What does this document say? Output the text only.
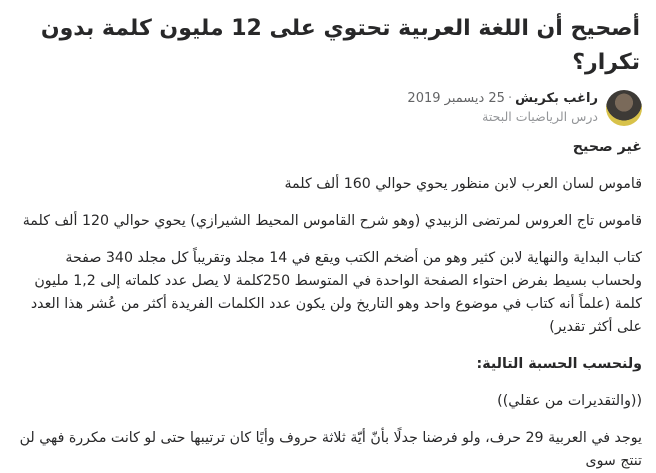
أصحيح أن اللغة العربية تحتوي على 12 مليون كلمة بدون تكرار؟
راغب بكريش·25 ديسمبر 2019
درس الرياضيات البحتة

غير صحيح

قاموس لسان العرب لابن منظور يحوي حوالي 160 ألف كلمة

قاموس تاج العروس لمرتضى الزبيدي (وهو شرح القاموس المحيط الشيرازي) يحوي حوالي 120 ألف كلمة

كتاب البداية والنهاية لابن كثير وهو من أضخم الكتب ويقع في 14 مجلد وتقريباً كل مجلد 340 صفحة ولحساب بسيط بفرض احتواء الصفحة الواحدة في المتوسط 250كلمة لا يصل عدد كلماته إلى 1,2 مليون كلمة (علماً أنه كتاب في موضوع واحد وهو التاريخ ولن يكون عدد الكلمات الفريدة أكثر من عُشر هذا العدد على أكثر تقدير)

ولنحسب الحسبة التالية:

((والتقديرات من عقلي))

يوجد في العربية 29 حرف، ولو فرضنا جدلًا بأنّ أيّة ثلاثة حروف وأيًا كان ترتيبها حتى لو كانت مكررة فهي لن تنتج سوى
